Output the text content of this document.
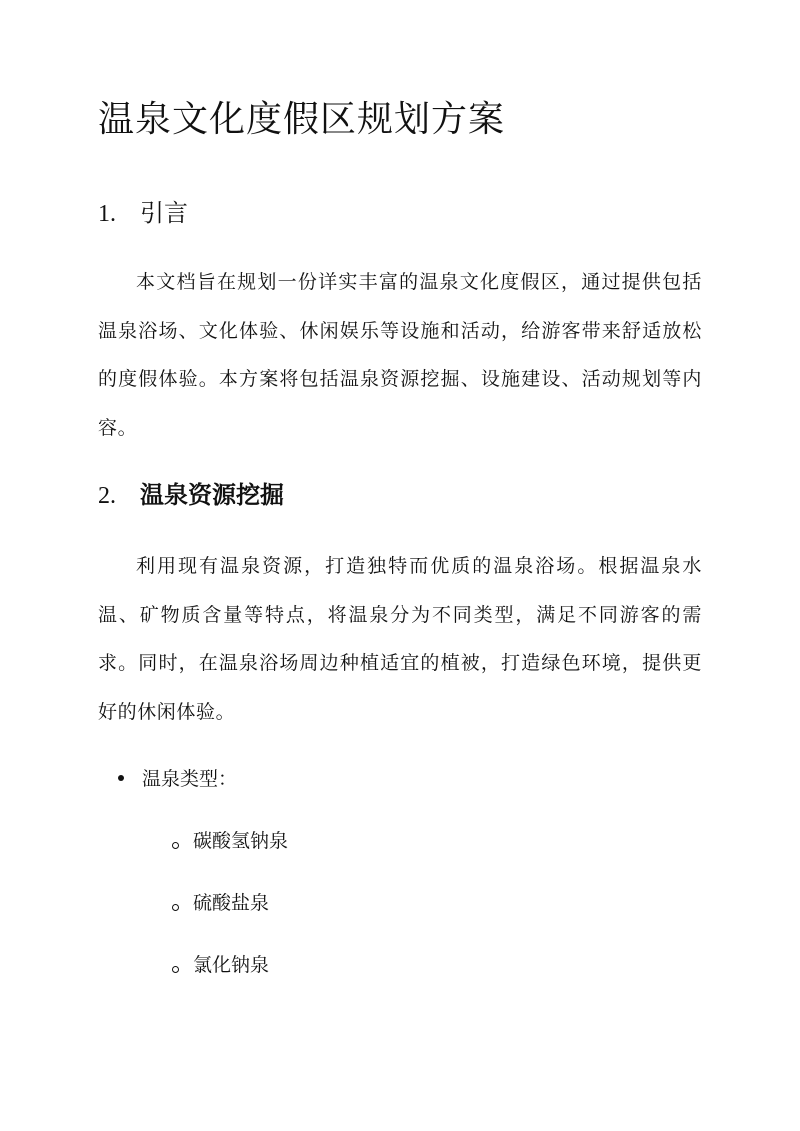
温泉文化度假区规划方案
1. 引言

本文档旨在规划一份详实丰富的温泉文化度假区，通过提供包括温泉浴场、文化体验、休闲娱乐等设施和活动，给游客带来舒适放松的度假体验。本方案将包括温泉资源挖掘、设施建设、活动规划等内容。

2. 温泉资源挖掘

利用现有温泉资源，打造独特而优质的温泉浴场。根据温泉水温、矿物质含量等特点，将温泉分为不同类型，满足不同游客的需求。同时，在温泉浴场周边种植适宜的植被，打造绿色环境，提供更好的休闲体验。

温泉类型：
碳酸氢钠泉
硫酸盐泉
氯化钠泉
